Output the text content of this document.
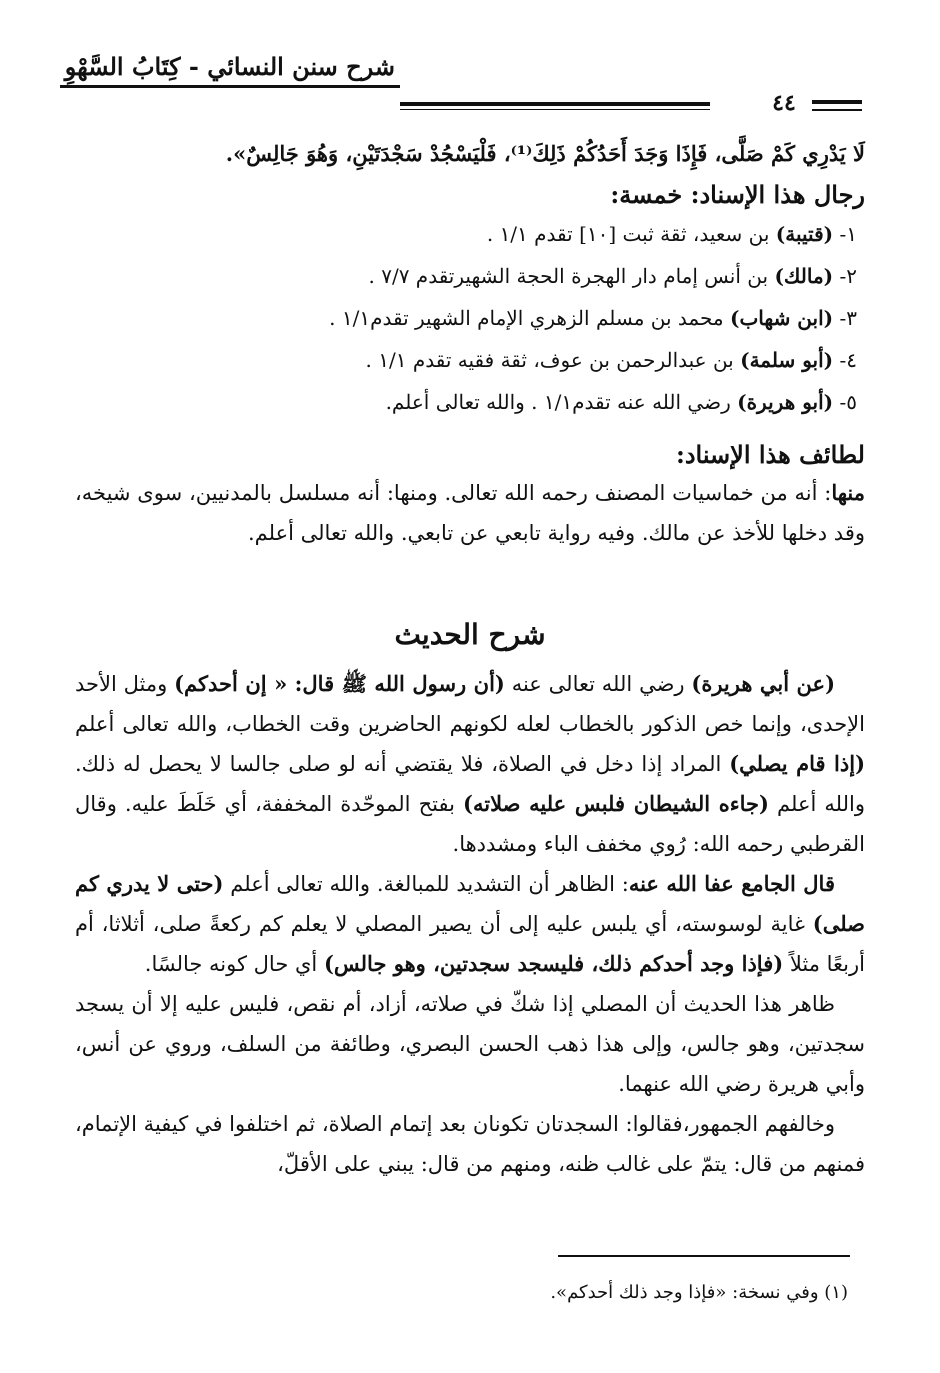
شرح سنن النسائي - كِتَابُ السَّهْوِ
٤٤

لَا يَدْرِي كَمْ صَلَّى، فَإِذَا وَجَدَ أَحَدُكُمْ ذَلِكَ⁽¹⁾، فَلْيَسْجُدْ سَجْدَتَيْنِ، وَهُوَ جَالِسٌ».

رجال هذا الإسناد: خمسة:
١- (قتيبة) بن سعيد، ثقة ثبت [١٠] تقدم ١/١ .
٢- (مالك) بن أنس إمام دار الهجرة الحجة الشهيرتقدم ٧/٧ .
٣- (ابن شهاب) محمد بن مسلم الزهري الإمام الشهير تقدم١/١ .
٤- (أبو سلمة) بن عبدالرحمن بن عوف، ثقة فقيه تقدم ١/١ .
٥- (أبو هريرة) رضي الله عنه تقدم١/١ . والله تعالى أعلم.
لطائف هذا الإسناد:

منها: أنه من خماسيات المصنف رحمه الله تعالى. ومنها: أنه مسلسل بالمدنيين، سوى شيخه، وقد دخلها للأخذ عن مالك. وفيه رواية تابعي عن تابعي. والله تعالى أعلم.

شرح الحديث

(عن أبي هريرة) رضي الله تعالى عنه (أن رسول الله ﷺ قال: « إن أحدكم) ومثل الأحد الإحدى، وإنما خص الذكور بالخطاب لعله لكونهم الحاضرين وقت الخطاب، والله تعالى أعلم (إذا قام يصلي) المراد إذا دخل في الصلاة، فلا يقتضي أنه لو صلى جالسا لا يحصل له ذلك. والله أعلم (جاءه الشيطان فلبس عليه صلاته) بفتح الموحّدة المخففة، أي خَلَطَ عليه. وقال القرطبي رحمه الله: رُوي مخفف الباء ومشددها.

قال الجامع عفا الله عنه: الظاهر أن التشديد للمبالغة. والله تعالى أعلم (حتى لا يدري كم صلى) غاية لوسوسته، أي يلبس عليه إلى أن يصير المصلي لا يعلم كم ركعةً صلى، أثلاثا، أم أربعًا مثلاً (فإذا وجد أحدكم ذلك، فليسجد سجدتين، وهو جالس) أي حال كونه جالسًا.

ظاهر هذا الحديث أن المصلي إذا شكّ في صلاته، أزاد، أم نقص، فليس عليه إلا أن يسجد سجدتين، وهو جالس، وإلى هذا ذهب الحسن البصري، وطائفة من السلف، وروي عن أنس، وأبي هريرة رضي الله عنهما.

وخالفهم الجمهور،فقالوا: السجدتان تكونان بعد إتمام الصلاة، ثم اختلفوا في كيفية الإتمام، فمنهم من قال: يتمّ على غالب ظنه، ومنهم من قال: يبني على الأقلّ،

(١) وفي نسخة: «فإذا وجد ذلك أحدكم».
